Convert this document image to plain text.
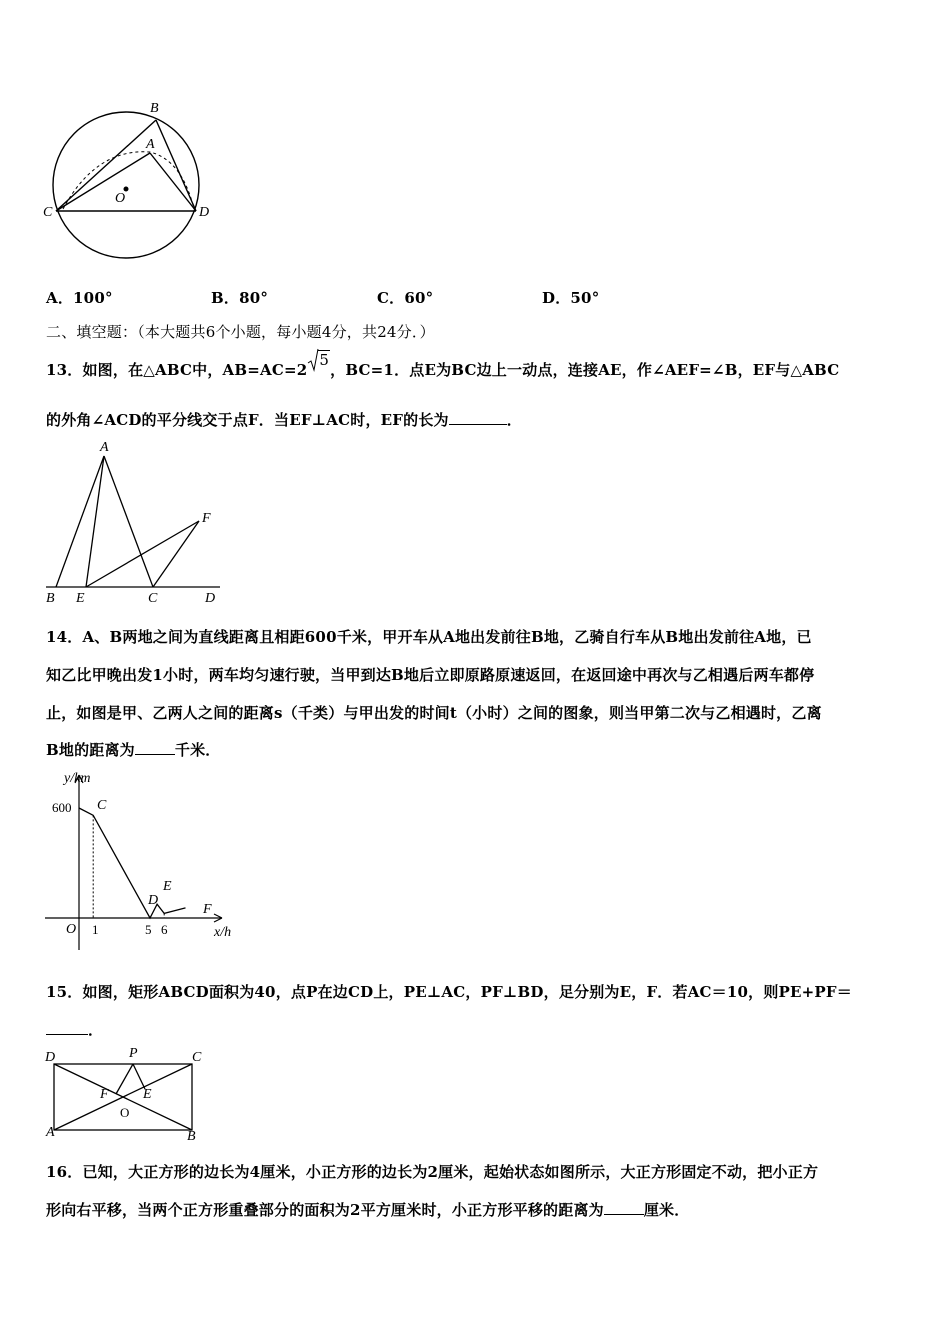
B
A
O
C	D
A．100°	B．80°	C．60°	D．50°
二、填空题：（本大题共6个小题，每小题4分，共24分．）
13．如图，在△ABC中，AB=AC=2
5，BC=1．点E为BC边上一动点，连接AE，作∠AEF=∠B，EF与△ABC
的外角∠ACD的平分线交于点F．当EF⊥AC时，EF的长为	．
A
F
B E	C	D
14．A、B两地之间为直线距离且相距600千米，甲开车从A地出发前往B地，乙骑自行车从B地出发前往A地，已
知乙比甲晚出发1小时，两车均匀速行驶，当甲到达B地后立即原路原速返回，在返回途中再次与乙相遇后两车都停
止，如图是甲、乙两人之间的距离s（千类）与甲出发的时间t（小时）之间的图象，则当甲第二次与乙相遇时，乙离
B地的距离为	千米．
y/km
x/h
O
600
1	5 6
C
D
E
F
15．如图，矩形ABCD面积为40，点P在边CD上，PE⊥AC，PF⊥BD，足分别为E，F．若AC＝10，则PE+PF＝
．
D	P	C
F E
O
A	B
16．已知，大正方形的边长为4厘米，小正方形的边长为2厘米，起始状态如图所示，大正方形固定不动，把小正方
形向右平移，当两个正方形重叠部分的面积为2平方厘米时，小正方形平移的距离为	厘米．
